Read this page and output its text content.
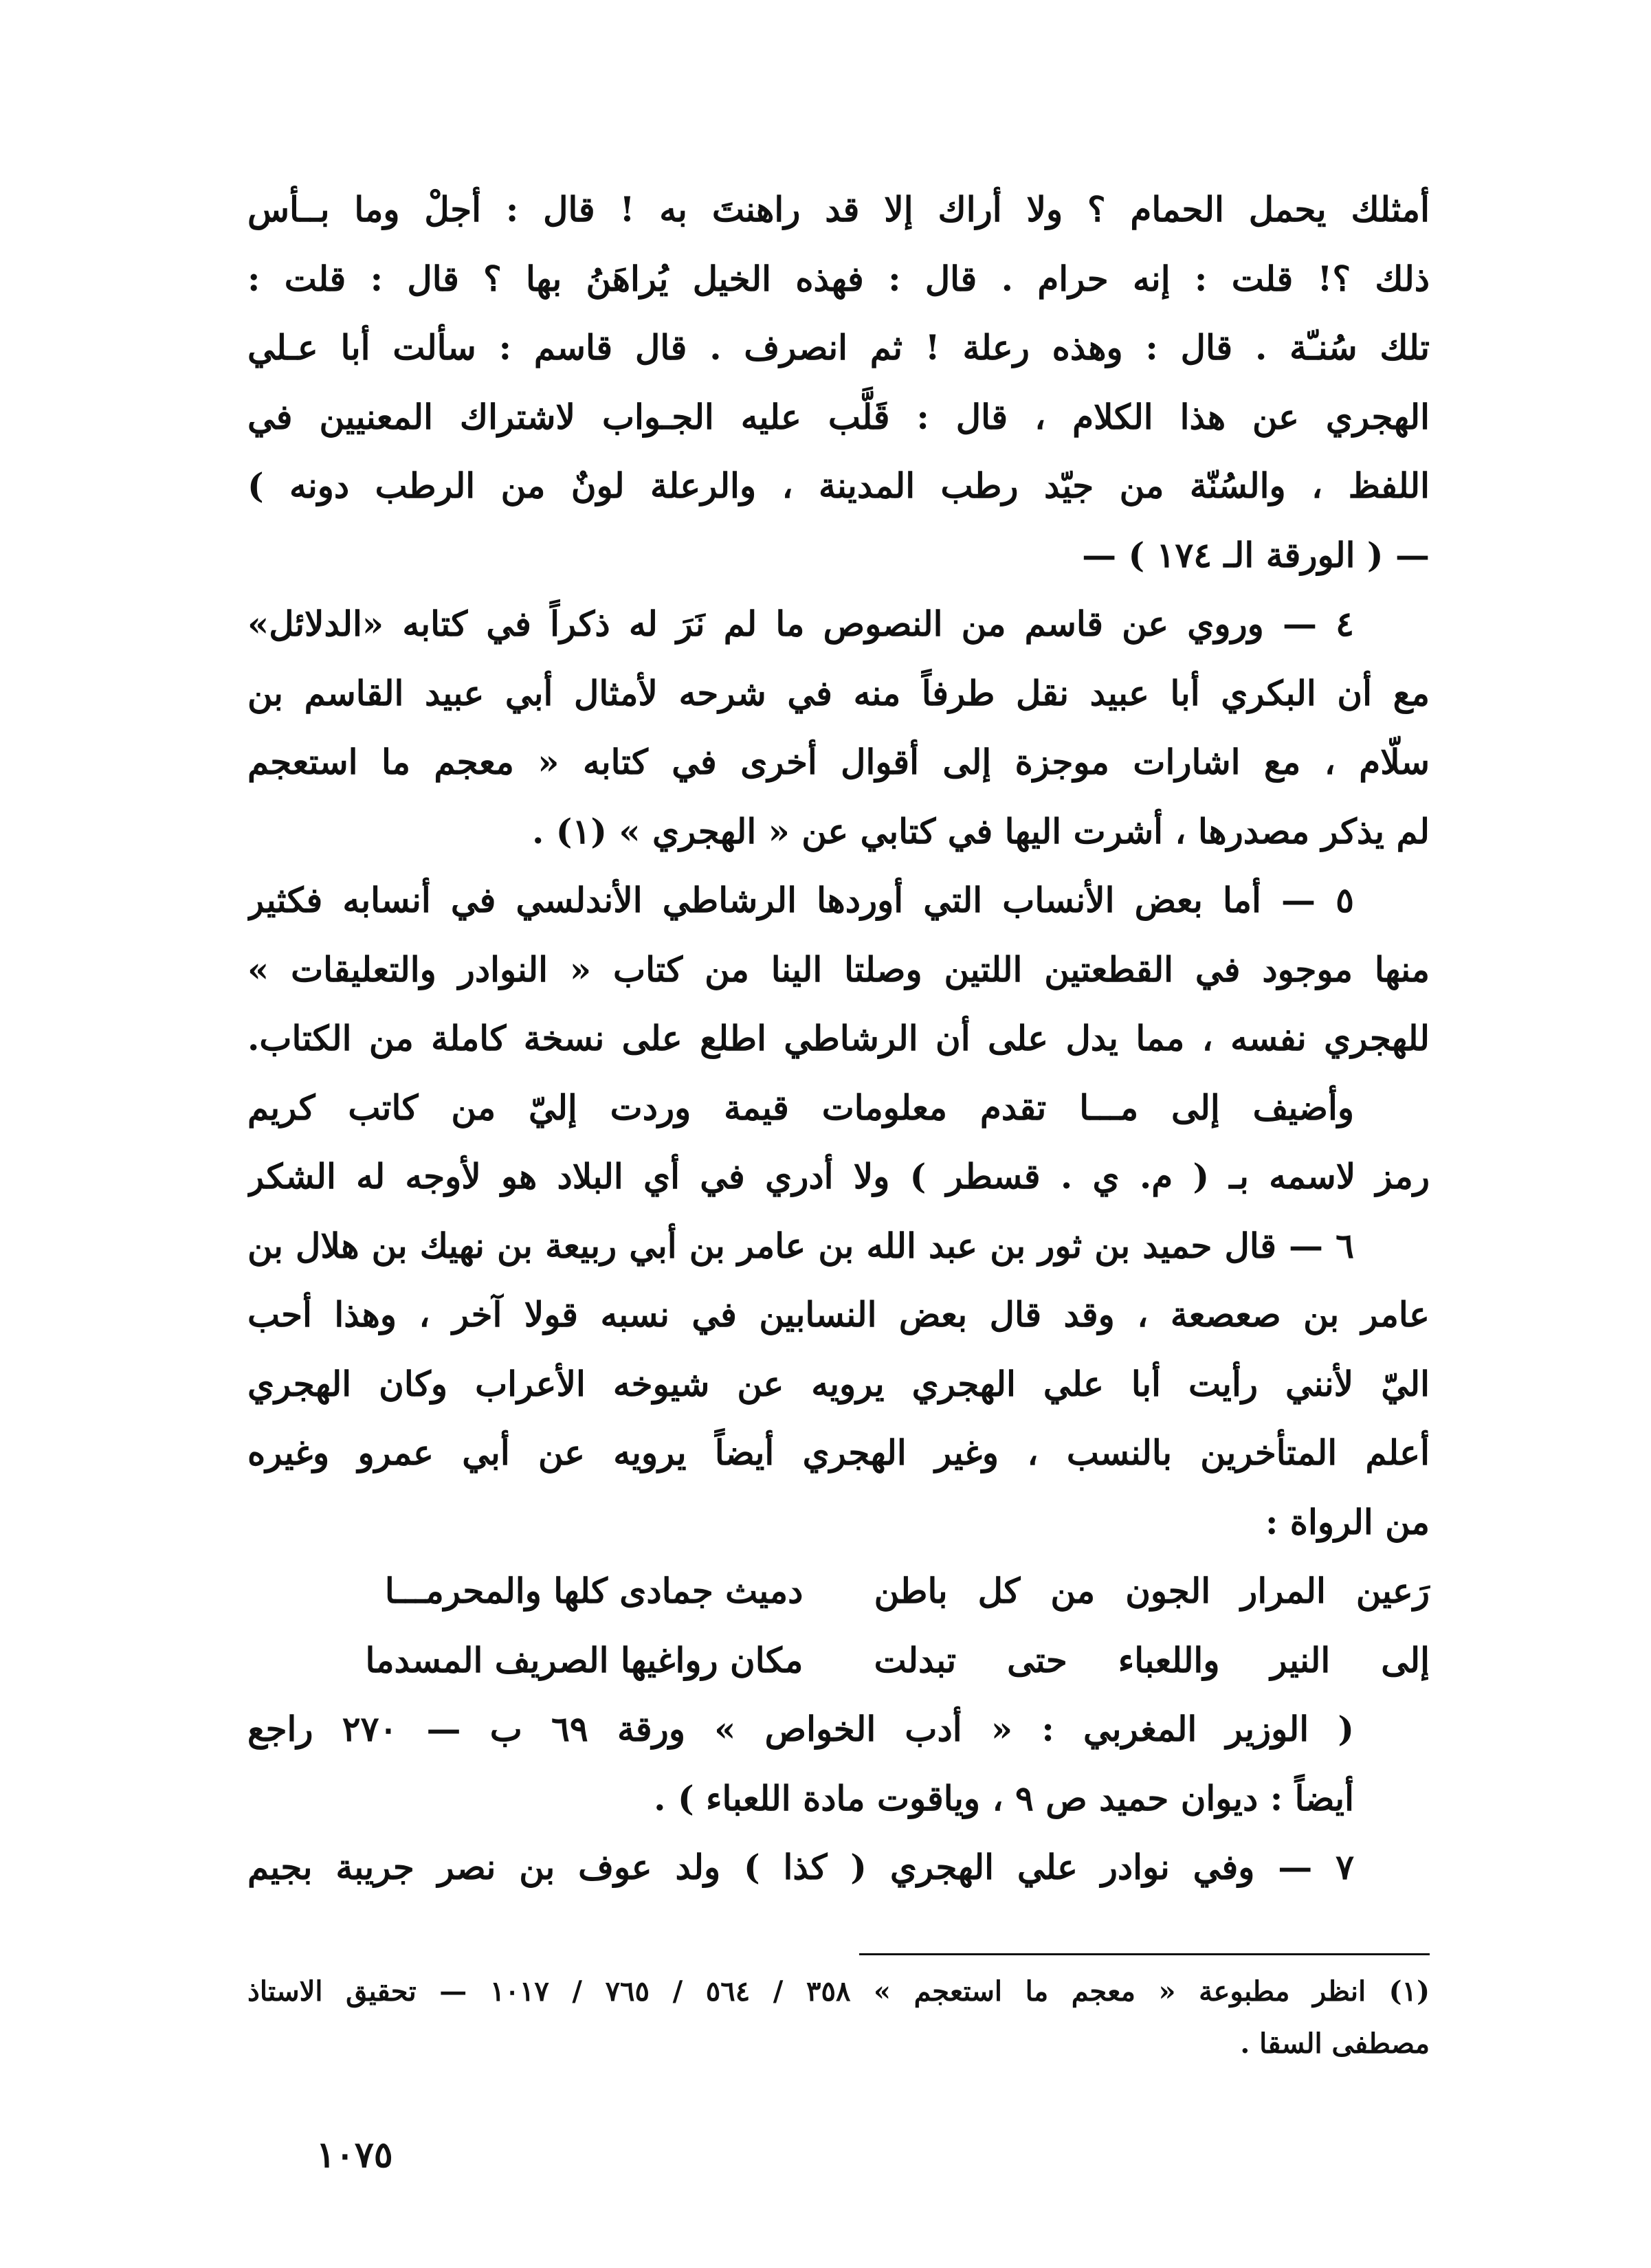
أمثلك يحمل الحمام ؟ ولا أراك إلا قد راهنتَ به ! قال : أجلْ وما بــأس
ذلك ؟! قلت : إنه حرام . قال : فهذه الخيل يُراهَنُ بها ؟ قال : قلت :
تلك سُنـّة . قال : وهذه رعلة ! ثم انصرف . قال قاسم : سألت أبا عـلي
الهجري عن هذا الكلام ، قال : قَلَّب عليه الجـواب لاشتراك المعنيين في
اللفظ ، والسُنّة من جيّد رطب المدينة ، والرعلة لونٌ من الرطب دونه )
— ( الورقة الـ ١٧٤ ) —
٤ — وروي عن قاسم من النصوص ما لم نَرَ له ذكراً في كتابه «الدلائل»
مع أن البكري أبا عبيد نقل طرفاً منه في شرحه لأمثال أبي عبيد القاسم بن
سلّام ، مع اشارات موجزة إلى أقوال أخرى في كتابه « معجم ما استعجم
لم يذكر مصدرها ، أشرت اليها في كتابي عن « الهجري » (١) .
٥ — أما بعض الأنساب التي أوردها الرشاطي الأندلسي في أنسابه فكثير
منها موجود في القطعتين اللتين وصلتا الينا من كتاب « النوادر والتعليقات »
للهجري نفسه ، مما يدل على أن الرشاطي اطلع على نسخة كاملة من الكتاب.
وأضيف إلى مـــا تقدم معلومات قيمة وردت إليّ من كاتب كريم
رمز لاسمه بـ ( م. ي . قسطر ) ولا أدري في أي البلاد هو لأوجه له الشكر
٦ — قال حميد بن ثور بن عبد الله بن عامر بن أبي ربيعة بن نهيك بن هلال بن
عامر بن صعصعة ، وقد قال بعض النسابين في نسبه قولا آخر ، وهذا أحب
اليّ لأنني رأيت أبا علي الهجري يرويه عن شيوخه الأعراب وكان الهجري
أعلم المتأخرين بالنسب ، وغير الهجري أيضاً يرويه عن أبي عمرو وغيره
من الرواة :
رَعين المرار الجون من كل باطن
دميث جمادى كلها والمحرمـــا
إلى النير واللعباء حتى تبدلت
مكان رواغيها الصريف المسدما
( الوزير المغربي : « أدب الخواص » ورقة ٦٩ ب — ٢٧٠ راجع
أيضاً : ديوان حميد ص ٩ ، وياقوت مادة اللعباء ) .
٧ — وفي نوادر علي الهجري ( كذا ) ولد عوف بن نصر جريبة بجيم
(١) انظر مطبوعة « معجم ما استعجم » ٣٥٨ / ٥٦٤ / ٧٦٥ / ١٠١٧ — تحقيق الاستاذ
مصطفى السقا .
١٠٧٥
